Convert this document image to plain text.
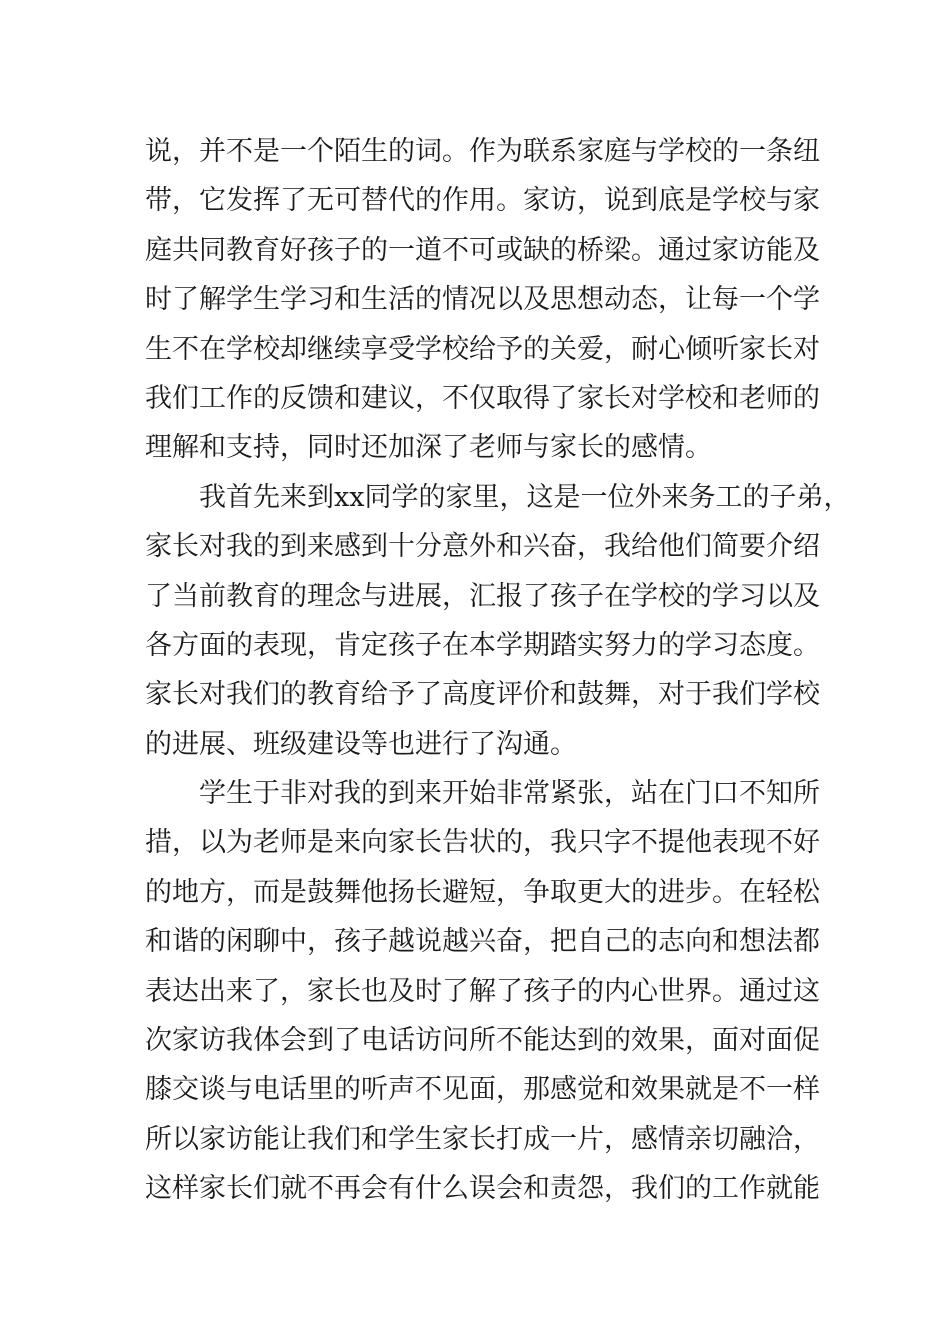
说 ， 并 不 是 一 个 陌 生 的 词 。 作 为 联 系 家 庭 与 学 校 的 一 条 纽
带 ， 它 发 挥 了 无 可 替 代 的 作 用 。 家 访 ， 说 到 底 是 学 校 与 家
庭 共 同 教 育 好 孩 子 的 一 道 不 可 或 缺 的 桥 梁 。 通 过 家 访 能 及
时 了 解 学 生 学 习 和 生 活 的 情 况 以 及 思 想 动 态 ， 让 每 一 个 学
生 不 在 学 校 却 继 续 享 受 学 校 给 予 的 关 爱 ， 耐 心 倾 听 家 长 对
我 们 工 作 的 反 馈 和 建 议 ， 不 仅 取 得 了 家 长 对 学 校 和 老 师 的
理解和支持，同时还加深了老师与家长的感情。
我 首 先 来 到 x x 同 学 的 家 里 ， 这 是 一 位 外 来 务 工 的 子 弟 ，
家 长 对 我 的 到 来 感 到 十 分 意 外 和 兴 奋 ， 我 给 他 们 简 要 介 绍
了 当 前 教 育 的 理 念 与 进 展 ， 汇 报 了 孩 子 在 学 校 的 学 习 以 及
各 方 面 的 表 现 ， 肯 定 孩 子 在 本 学 期 踏 实 努 力 的 学 习 态 度 。
家 长 对 我 们 的 教 育 给 予 了 高 度 评 价 和 鼓 舞 ， 对 于 我 们 学 校
的进展、班级建设等也进行了沟通。
学 生 于 非 对 我 的 到 来 开 始 非 常 紧 张 ， 站 在 门 口 不 知 所
措 ， 以 为 老 师 是 来 向 家 长 告 状 的 ， 我 只 字 不 提 他 表 现 不 好
的 地 方 ， 而 是 鼓 舞 他 扬 长 避 短 ， 争 取 更 大 的 进 步 。 在 轻 松
和 谐 的 闲 聊 中 ， 孩 子 越 说 越 兴 奋 ， 把 自 己 的 志 向 和 想 法 都
表 达 出 来 了 ， 家 长 也 及 时 了 解 了 孩 子 的 内 心 世 界 。 通 过 这
次 家 访 我 体 会 到 了 电 话 访 问 所 不 能 达 到 的 效 果 ， 面 对 面 促
膝 交 谈 与 电 话 里 的 听 声 不 见 面 ， 那 感 觉 和 效 果 就 是 不 一 样
所 以 家 访 能 让 我 们 和 学 生 家 长 打 成 一 片 ， 感 情 亲 切 融 洽 ，
这 样 家 长 们 就 不 再 会 有 什 么 误 会 和 责 怨 ， 我 们 的 工 作 就 能
